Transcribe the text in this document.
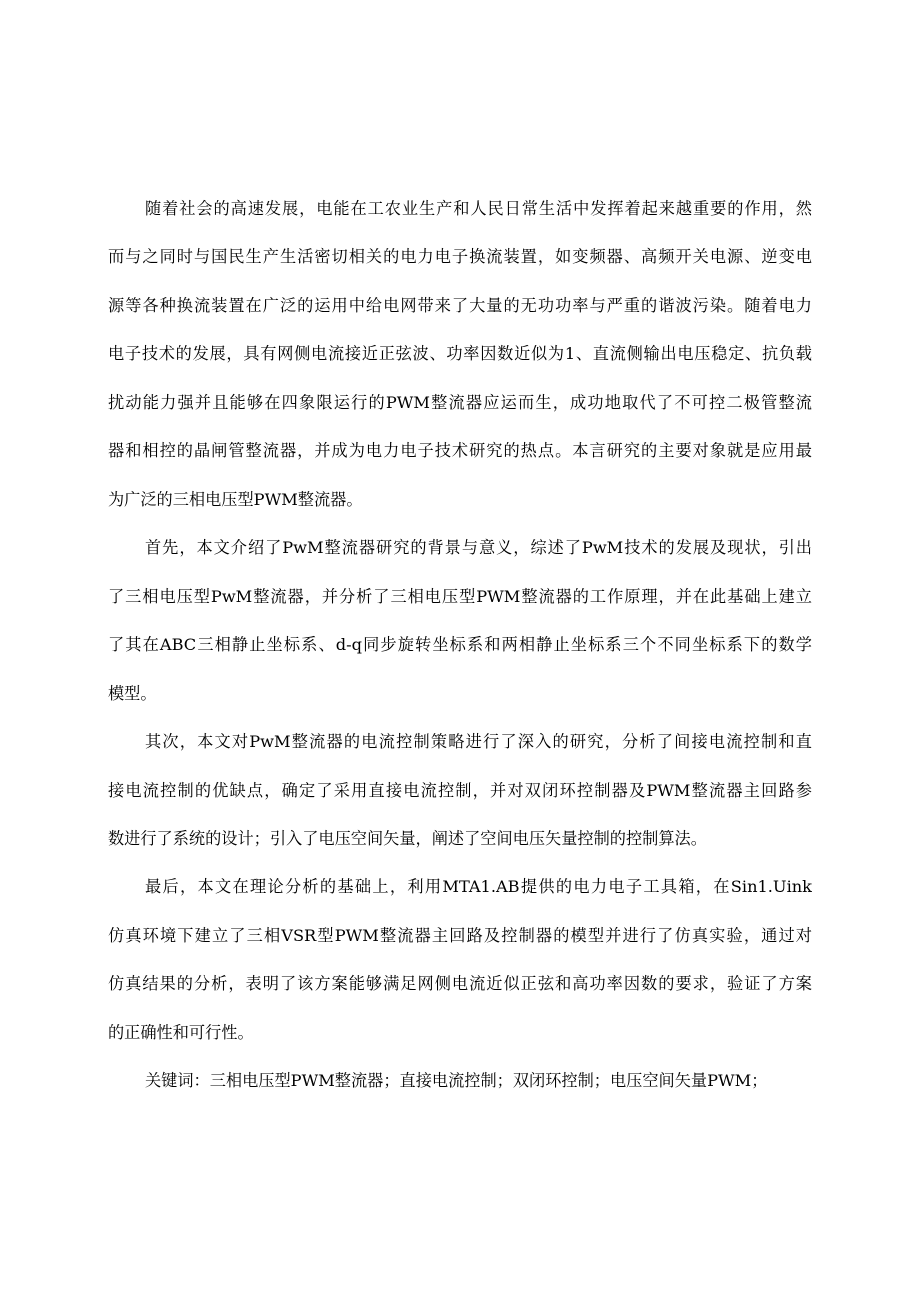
随着社会的高速发展，电能在工农业生产和人民日常生活中发挥着起来越重要的作用，然
而与之同时与国民生产生活密切相关的电力电子换流装置，如变频器、高频开关电源、逆变电
源等各种换流装置在广泛的运用中给电网带来了大量的无功功率与严重的谐波污染。随着电力
电子技术的发展，具有网侧电流接近正弦波、功率因数近似为1、直流侧输出电压稳定、抗负载
扰动能力强并且能够在四象限运行的PWM整流器应运而生，成功地取代了不可控二极管整流
器和相控的晶闸管整流器，并成为电力电子技术研究的热点。本言研究的主要对象就是应用最
为广泛的三相电压型PWM整流器。
首先，本文介绍了PwM整流器研究的背景与意义，综述了PwM技术的发展及现状，引出
了三相电压型PwM整流器，并分析了三相电压型PWM整流器的工作原理，并在此基础上建立
了其在ABC三相静止坐标系、d-q同步旋转坐标系和两相静止坐标系三个不同坐标系下的数学
模型。
其次，本文对PwM整流器的电流控制策略进行了深入的研究，分析了间接电流控制和直
接电流控制的优缺点，确定了采用直接电流控制，并对双闭环控制器及PWM整流器主回路参
数进行了系统的设计；引入了电压空间矢量，阐述了空间电压矢量控制的控制算法。
最后，本文在理论分析的基础上，利用MTA1.AB提供的电力电子工具箱，在Sin1.Uink
仿真环境下建立了三相VSR型PWM整流器主回路及控制器的模型并进行了仿真实验，通过对
仿真结果的分析，表明了该方案能够满足网侧电流近似正弦和高功率因数的要求，验证了方案
的正确性和可行性。
关键词：三相电压型PWM整流器；直接电流控制；双闭环控制；电压空间矢量PWM；
